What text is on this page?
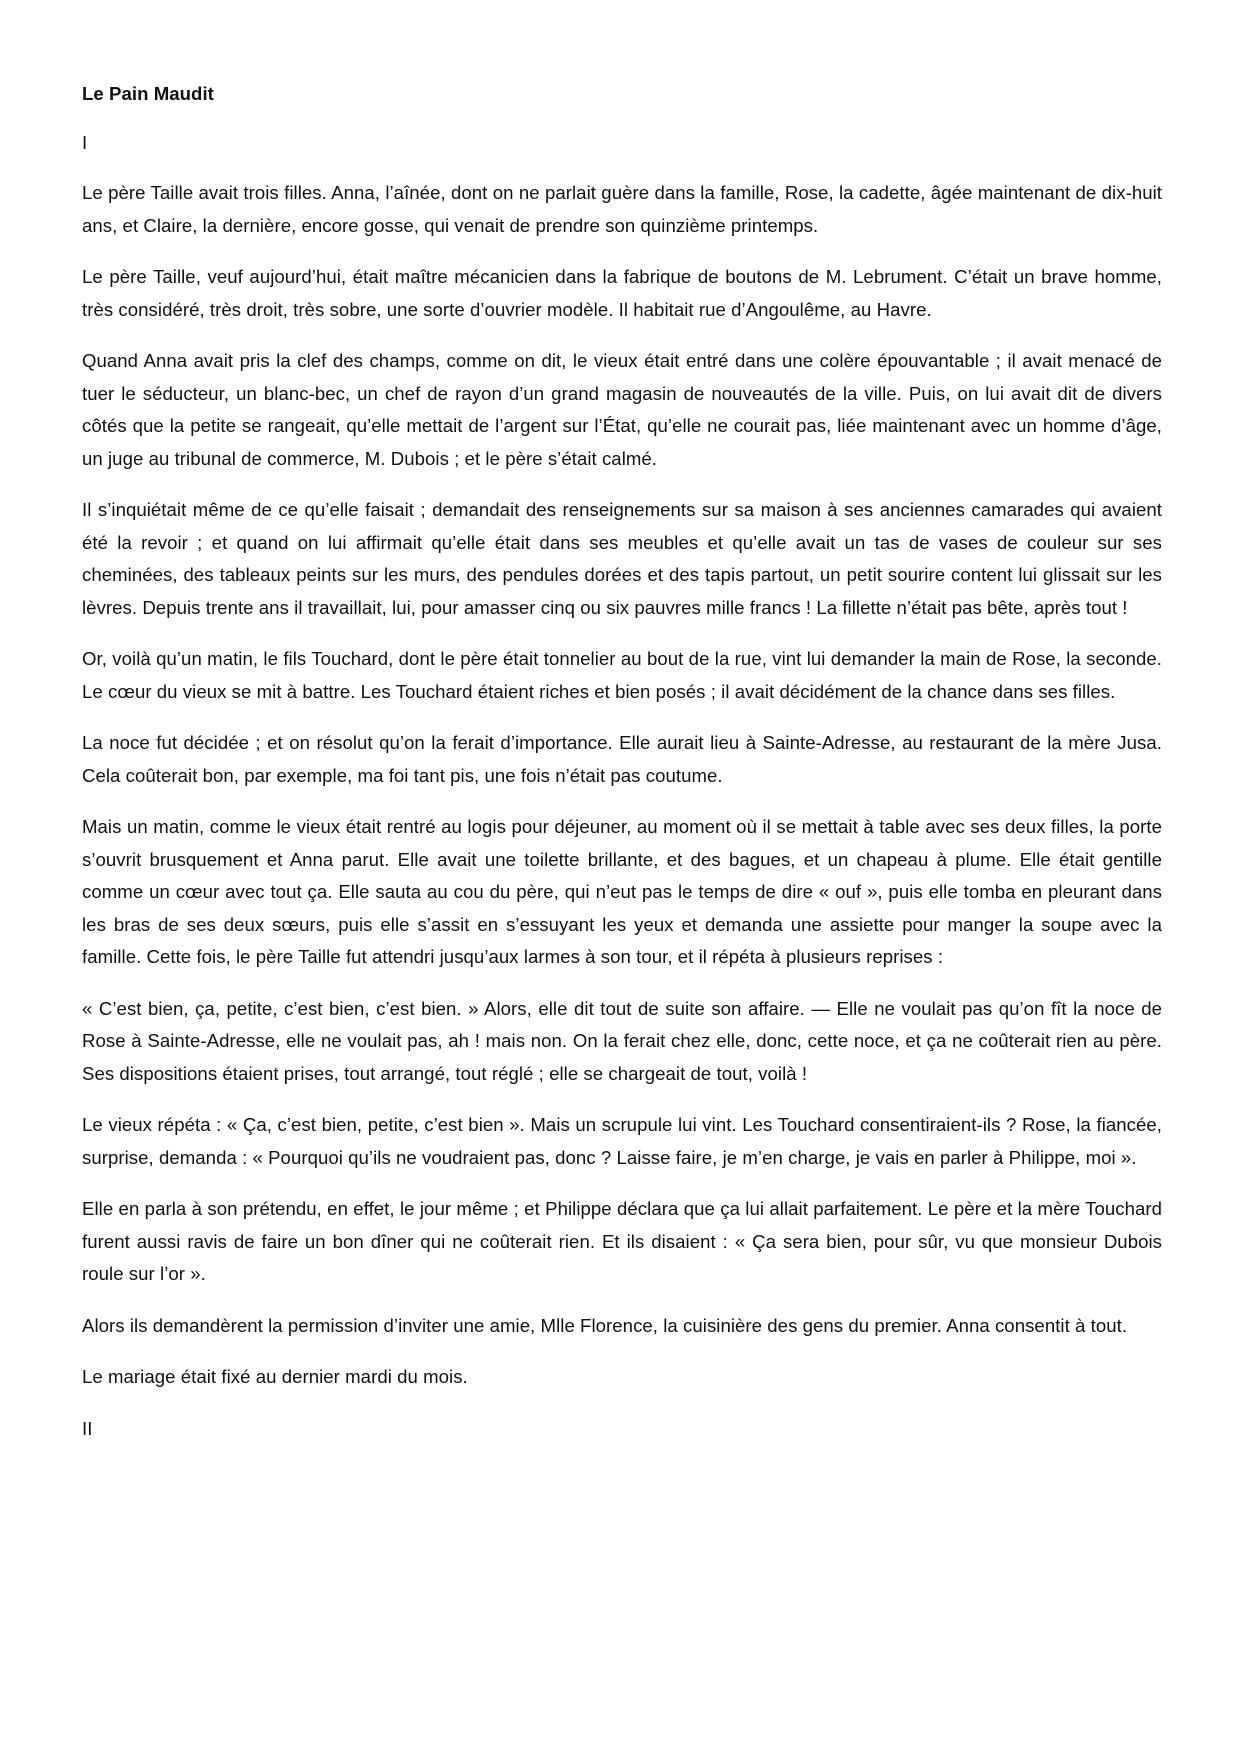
Le Pain Maudit
I

Le père Taille avait trois filles. Anna, l’aînée, dont on ne parlait guère dans la famille, Rose, la cadette, âgée maintenant de dix-huit ans, et Claire, la dernière, encore gosse, qui venait de prendre son quinzième printemps.

Le père Taille, veuf aujourd’hui, était maître mécanicien dans la fabrique de boutons de M. Lebrument. C’était un brave homme, très considéré, très droit, très sobre, une sorte d’ouvrier modèle. Il habitait rue d’Angoulême, au Havre.

Quand Anna avait pris la clef des champs, comme on dit, le vieux était entré dans une colère épouvantable ; il avait menacé de tuer le séducteur, un blanc-bec, un chef de rayon d’un grand magasin de nouveautés de la ville. Puis, on lui avait dit de divers côtés que la petite se rangeait, qu’elle mettait de l’argent sur l’État, qu’elle ne courait pas, liée maintenant avec un homme d’âge, un juge au tribunal de commerce, M. Dubois ; et le père s’était calmé.

Il s’inquiétait même de ce qu’elle faisait ; demandait des renseignements sur sa maison à ses anciennes camarades qui avaient été la revoir ; et quand on lui affirmait qu’elle était dans ses meubles et qu’elle avait un tas de vases de couleur sur ses cheminées, des tableaux peints sur les murs, des pendules dorées et des tapis partout, un petit sourire content lui glissait sur les lèvres. Depuis trente ans il travaillait, lui, pour amasser cinq ou six pauvres mille francs ! La fillette n’était pas bête, après tout !

Or, voilà qu’un matin, le fils Touchard, dont le père était tonnelier au bout de la rue, vint lui demander la main de Rose, la seconde. Le cœur du vieux se mit à battre. Les Touchard étaient riches et bien posés ; il avait décidément de la chance dans ses filles.

La noce fut décidée ; et on résolut qu’on la ferait d’importance. Elle aurait lieu à Sainte-Adresse, au restaurant de la mère Jusa. Cela coûterait bon, par exemple, ma foi tant pis, une fois n’était pas coutume.

Mais un matin, comme le vieux était rentré au logis pour déjeuner, au moment où il se mettait à table avec ses deux filles, la porte s’ouvrit brusquement et Anna parut. Elle avait une toilette brillante, et des bagues, et un chapeau à plume. Elle était gentille comme un cœur avec tout ça. Elle sauta au cou du père, qui n’eut pas le temps de dire « ouf », puis elle tomba en pleurant dans les bras de ses deux sœurs, puis elle s’assit en s’essuyant les yeux et demanda une assiette pour manger la soupe avec la famille. Cette fois, le père Taille fut attendri jusqu’aux larmes à son tour, et il répéta à plusieurs reprises :

« C’est bien, ça, petite, c’est bien, c’est bien. » Alors, elle dit tout de suite son affaire. — Elle ne voulait pas qu’on fît la noce de Rose à Sainte-Adresse, elle ne voulait pas, ah ! mais non. On la ferait chez elle, donc, cette noce, et ça ne coûterait rien au père. Ses dispositions étaient prises, tout arrangé, tout réglé ; elle se chargeait de tout, voilà !

Le vieux répéta : « Ça, c’est bien, petite, c’est bien ». Mais un scrupule lui vint. Les Touchard consentiraient-ils ? Rose, la fiancée, surprise, demanda : « Pourquoi qu’ils ne voudraient pas, donc ? Laisse faire, je m’en charge, je vais en parler à Philippe, moi ».

Elle en parla à son prétendu, en effet, le jour même ; et Philippe déclara que ça lui allait parfaitement. Le père et la mère Touchard furent aussi ravis de faire un bon dîner qui ne coûterait rien. Et ils disaient : « Ça sera bien, pour sûr, vu que monsieur Dubois roule sur l’or ».

Alors ils demandèrent la permission d’inviter une amie, Mlle Florence, la cuisinière des gens du premier. Anna consentit à tout.

Le mariage était fixé au dernier mardi du mois.

II
